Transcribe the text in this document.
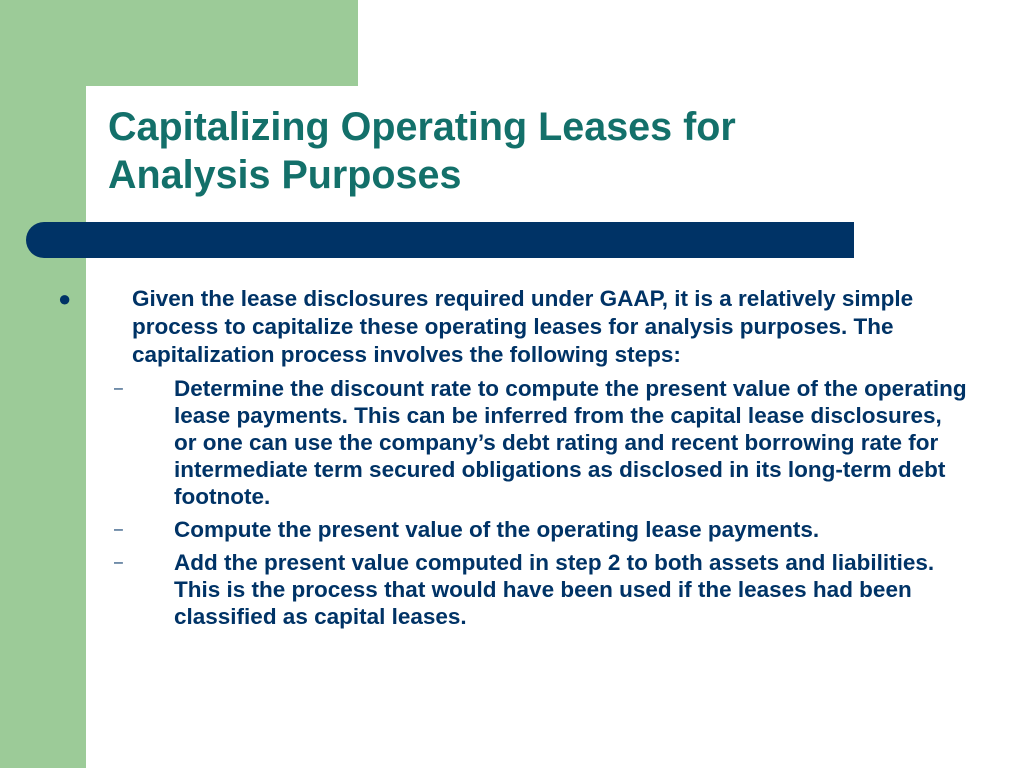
Capitalizing Operating Leases for
Analysis Purposes

●	Given the lease disclosures required under GAAP, it is a relatively simple process to capitalize these operating leases for analysis purposes. The capitalization process involves the following steps:

– Determine the discount rate to compute the present value of the operating lease payments. This can be inferred from the capital lease disclosures, or one can use the company’s debt rating and recent borrowing rate for intermediate term secured obligations as disclosed in its long-term debt footnote.

– Compute the present value of the operating lease payments.

– Add the present value computed in step 2 to both assets and liabilities. This is the process that would have been used if the leases had been classified as capital leases.
